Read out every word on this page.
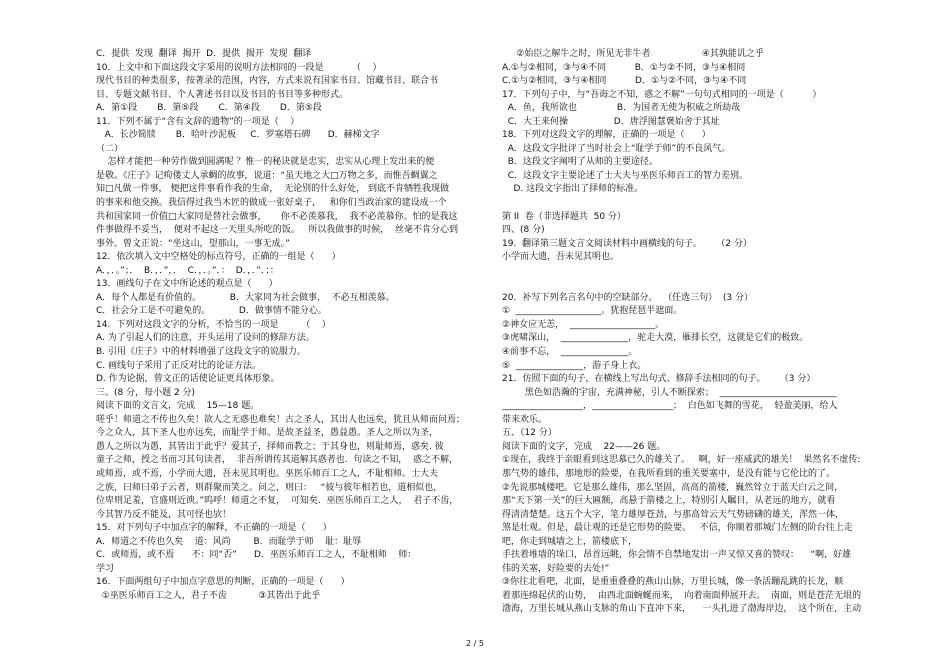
C．提供  发现  翻译  揭开  D．提供  揭开  发现  翻译
10．上文中和下面这段文字采用的说明方法相同的一段是          （    ）
现代书目的种类很多，按著录的范围，内容，方式来说有国家书目、馆藏书目、联合书
目、专题文献书目、个人著述书目以及书目的书目等多种形式。
A．第①段       B．第⑤段       C．第④段       D．第⑤段
11．下列不属于“含有文辞的遗物”的一项是（    ）
A．长沙简牍       B．哈叶沙泥板     C．罗塞塔石碑      D．赫梯文字
（二）
怎样才能把一种劳作做到圆满呢 ？惟一的秘诀就是忠实，忠实从心理上发出来的便
是敬。《庄子》记痀偻丈人承蜩的故事，说道：“虽天地之大□万物之多，而惟吾蜩翼之
知□凡做一件事， 便把这件事看作我的生命，  无论别的什么好处， 到底不肯牺牲我现做
的事来和他交换。我信得过我当木匠的做成一张好桌子，   和你们当政治家的建设成一个
共和国家同一价值□大家同是替社会做事，     你不必羡慕我，  我不必羡慕你。怕的是我这
件事做得不妥当，  便对不起这一天里头所吃的饭。   所以我做事的时候，  丝毫不肯分心到
事外。曾文正说：“坐这山，望那山，一事无成。”
12．依次填入文中空格处的标点符号，正确的一组是（      ）
A．，．。”；．  B．，．”，．  C．，．。”．：  D．，．”．；：
13．画线句子在文中所论述的观点是（      ）
A．每个人都是有价值的。          B．大家同为社会做事，  不必互相羡慕。
C．社会分工是不可避免的。          D．做事情不能分心。
14．下列对这段文字的分析，不恰当的一项是        （    ）
A. 为了引起人们的注意，开头运用了设问的修辞方法。
B. 引用《庄子》中的材料增强了这段文字的说服力。
C. 画线句子采用了正反对比的论证方法。
D. 作为论据，曾文正的话使论证更具体形象。
三、(8 分，每小题 2 分)
阅读下面的文言文，完成    15—18 题。
嗟乎！师道之不传也久矣！欲人之无惑也难矣！古之圣人，其出人也远矣，犹且从师而问焉；
今之众人，其下圣人也亦远矣，而耻学于师。是故圣益圣，愚益愚。圣人之所以为圣，
愚人之所以为愚，其皆出于此乎？爱其子，择师而教之；于其身也，则耻师焉，惑矣. 彼
童子之师，授之书而习其句读者，  非吾所谓传其道解其惑者也.  句读之不知，  惑之不解，
或师焉，或不焉，小学而大遗，吾未见其明也。巫医乐师百工之人，不耻相师。士大夫
之族，曰师曰弟子云者，则群聚而笑之。问之，则曰：   “彼与彼年相若也，道相似也，
位卑则足羞，官盛则近谀。”呜呼！师道之不复，  可知矣.  巫医乐师百工之人，  君子不齿，
今其智乃反不能及，其可怪也欤！
15．对下列句子中加点字的解释，不正确的一项是（      ）
A．师道之不传也久矣    道：风尚        B．而耻学于师    耻：耻辱
C．或师焉，或不焉      不：同“否”      D．巫医乐师百工之人，不耻相师    师：
学习
16．下面两组句子中加点字意思的判断，正确的一项是（      ）
①巫医乐师百工之人，君子不齿           ③其皆出于此乎
②始臣之解牛之时，所见无非牛者                  ④其孰能讥之乎
A.①与②相同，③与④不同          B．①与②不同，③与④相同
C.①与②相同，③与④相同          D．①与②不同，③与④不同
17．下列句子中，与“吾诲之不知，惑之不解”一句句式相同的一项是（          ）
A．鱼，我所欲也              B．为国者无使为积威之所劫哉
C．大王来何操                D．唐浮图慧褒始舍于其址
18．下列对这段文字的理解，正确的一项是（      ）
A．这段文字批评了当时社会上“耻学于师”的不良风气。
B．这段文字阐明了从师的主要途径。
C．这段文字主要论述了士大夫与巫医乐师百工的智力差别。
D. 这段文字指出了择师的标准。
第 II  卷（非选择题共  50 分）
四、(8 分)
19.  翻译第三题文言文阅读材料中画横线的句子。     （2 分）
小学而大遗，吾未见其明也。
20．补写下列名言名句中的空缺部分。  （任选三句）  (3 分）
①  ___________________。犹抱琵琶半遮面。
②神女应无恙，  ___________________。
③虎啸深山，  _______________，驼走大漠，雁排长空，这就是它们的极致。
④前事不忘，  _______________。
⑤  _______________，游子身上衣。
21．仿照下面的句子，在横线上写出句式、修辞手法相同的句子。     （3 分）
黑色如浩瀚的宇宙，充满神秘，引人不断探索；  __________________________
__________________，__________________；  白色如飞舞的雪花，  轻盈美丽，给人
带来欢乐。
五、（12 分）
阅读下面的文字，完成    22——26 题。
①现在，我终于亲眼看到这思慕已久的雄关了。   啊，好一座威武的雄关！  果然名不虚传:
那气势的雄伟，那地形的险要，在我所看到的重关要塞中，是没有能与它伦比的了。
②先说那城楼吧。它是那么雄伟，那么坚固，高高的箭楼，巍然耸立于蓝天白云之间，
那“天下第一关”的巨大匾额，高悬于箭楼之上，特别引人瞩目，从老远的地方，就看
得清清楚楚。这五个大字，笔力雄厚苍劲，与那高耸云天气势磅礴的雄关，浑然一体，
煞是壮观。但是，最让观的还是它形势的险要。   不信，你顺着那城门左侧的阶台往上走
吧，你走到城墙之上，箭楼底下，
手扶着堆墙的垛口，昂首远眺，你会情不自禁地发出一声又惊又喜的赞叹：    “啊，好雄
伟的关塞，好险要的去处!”
③你往北看吧，北面，是重重叠叠的燕山山脉，万里长城，像一条活蹦乱跳的长龙，顺
着那连绵起伏的山势，  由西北面蜿蜒而来，  向着南面伸展开去。  南面，则是苍茫无垠的
渤海，万里长城从燕山支脉的角山下直冲下来，    一头扎进了渤海岸边，  这个所在，主动
2 / 5
